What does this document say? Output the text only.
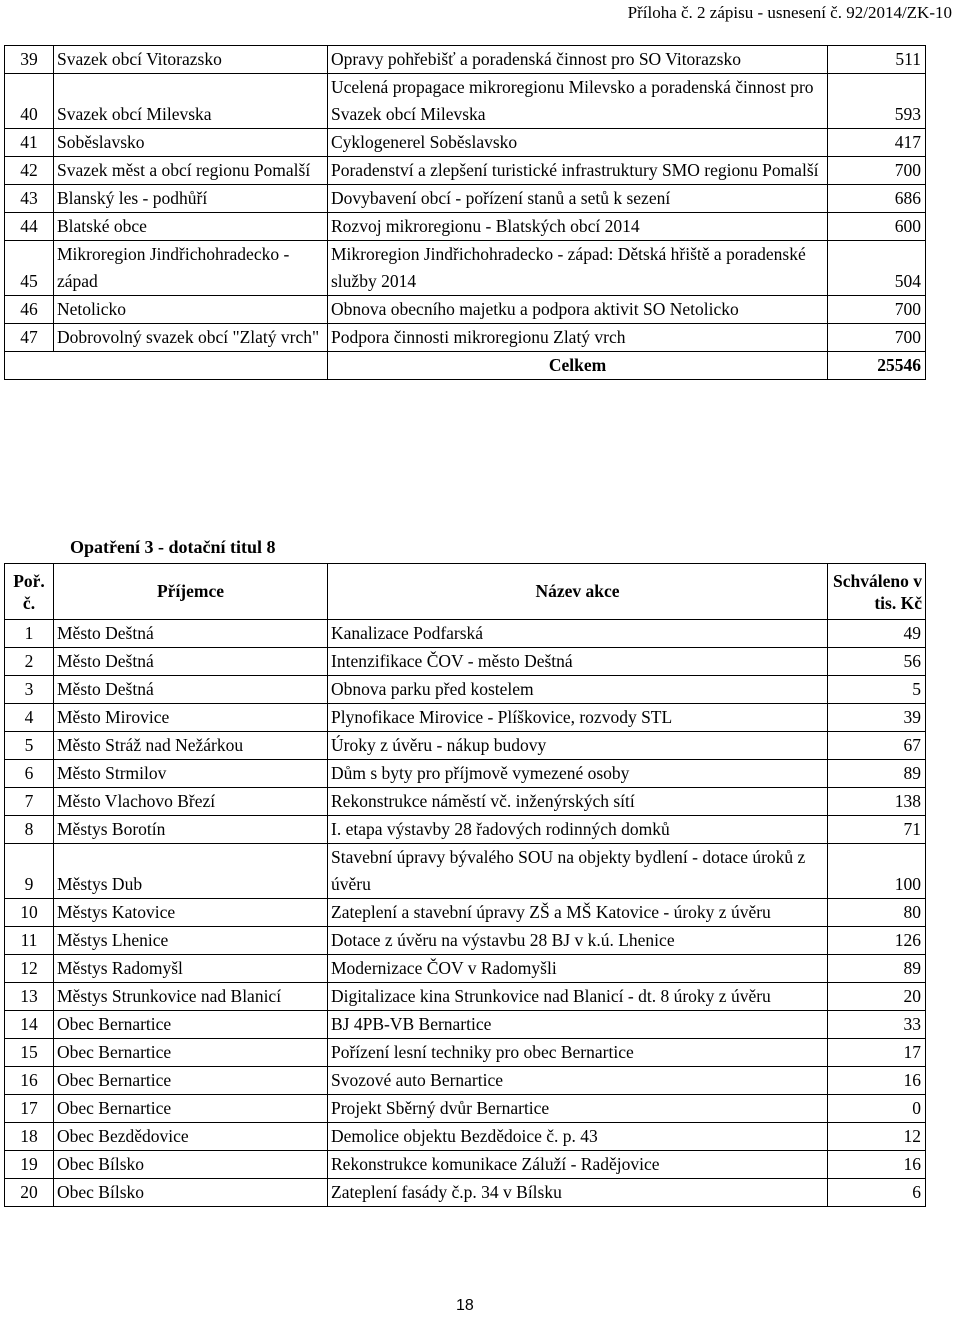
Příloha č. 2 zápisu - usnesení č. 92/2014/ZK-10
39	Svazek obcí Vitorazsko	Opravy pohřebišť a poradenská činnost pro SO Vitorazsko	511
40	Svazek obcí Milevska	Ucelená propagace mikroregionu Milevsko a poradenská činnost pro Svazek obcí Milevska	593
41	Soběslavsko	Cyklogenerel Soběslavsko	417
42	Svazek měst a obcí regionu Pomalší	Poradenství a zlepšení turistické infrastruktury SMO regionu Pomalší	700
43	Blanský les - podhůří	Dovybavení obcí - pořízení stanů a setů k sezení	686
44	Blatské obce	Rozvoj mikroregionu - Blatských obcí 2014	600
45	Mikroregion Jindřichohradecko - západ	Mikroregion Jindřichohradecko - západ: Dětská hřiště a poradenské služby 2014	504
46	Netolicko	Obnova obecního majetku a podpora aktivit SO Netolicko	700
47	Dobrovolný svazek obcí "Zlatý vrch"	Podpora činnosti mikroregionu Zlatý vrch	700
		Celkem	25546
Opatření 3 - dotační titul 8
Poř. č.	Příjemce	Název akce	Schváleno v tis. Kč
1	Město Deštná	Kanalizace Podfarská	49
2	Město Deštná	Intenzifikace ČOV - město Deštná	56
3	Město Deštná	Obnova parku před kostelem	5
4	Město Mirovice	Plynofikace Mirovice - Plíškovice, rozvody STL	39
5	Město Stráž nad Nežárkou	Úroky z úvěru - nákup budovy	67
6	Město Strmilov	Dům s byty pro příjmově vymezené osoby	89
7	Město Vlachovo Březí	Rekonstrukce náměstí vč. inženýrských sítí	138
8	Městys Borotín	I. etapa výstavby 28 řadových rodinných domků	71
9	Městys Dub	Stavební úpravy bývalého SOU na objekty bydlení - dotace úroků z úvěru	100
10	Městys Katovice	Zateplení a stavební úpravy ZŠ a MŠ Katovice - úroky z úvěru	80
11	Městys Lhenice	Dotace z úvěru na výstavbu 28 BJ v k.ú. Lhenice	126
12	Městys Radomyšl	Modernizace ČOV v Radomyšli	89
13	Městys Strunkovice nad Blanicí	Digitalizace kina Strunkovice nad Blanicí - dt. 8 úroky z úvěru	20
14	Obec Bernartice	BJ 4PB-VB Bernartice	33
15	Obec Bernartice	Pořízení lesní techniky pro obec Bernartice	17
16	Obec Bernartice	Svozové auto Bernartice	16
17	Obec Bernartice	Projekt Sběrný dvůr Bernartice	0
18	Obec Bezdědovice	Demolice objektu Bezdědoice č. p. 43	12
19	Obec Bílsko	Rekonstrukce komunikace Záluží - Radějovice	16
20	Obec Bílsko	Zateplení fasády č.p. 34 v Bílsku	6
18
